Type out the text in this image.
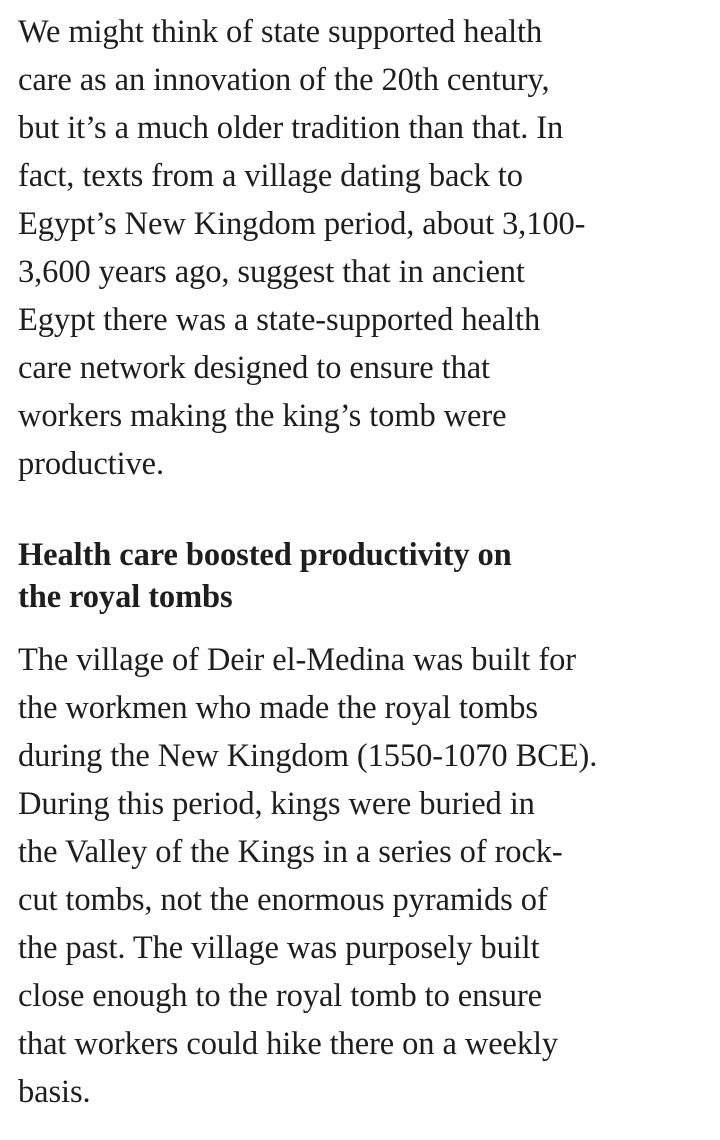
We might think of state supported health
care as an innovation of the 20th century,
but it’s a much older tradition than that. In
fact, texts from a village dating back to
Egypt’s New Kingdom period, about 3,100-
3,600 years ago, suggest that in ancient
Egypt there was a state-supported health
care network designed to ensure that
workers making the king’s tomb were
productive.

Health care boosted productivity on
the royal tombs

The village of Deir el-Medina was built for
the workmen who made the royal tombs
during the New Kingdom (1550-1070 BCE).
During this period, kings were buried in
the Valley of the Kings in a series of rock-
cut tombs, not the enormous pyramids of
the past. The village was purposely built
close enough to the royal tomb to ensure
that workers could hike there on a weekly
basis.
